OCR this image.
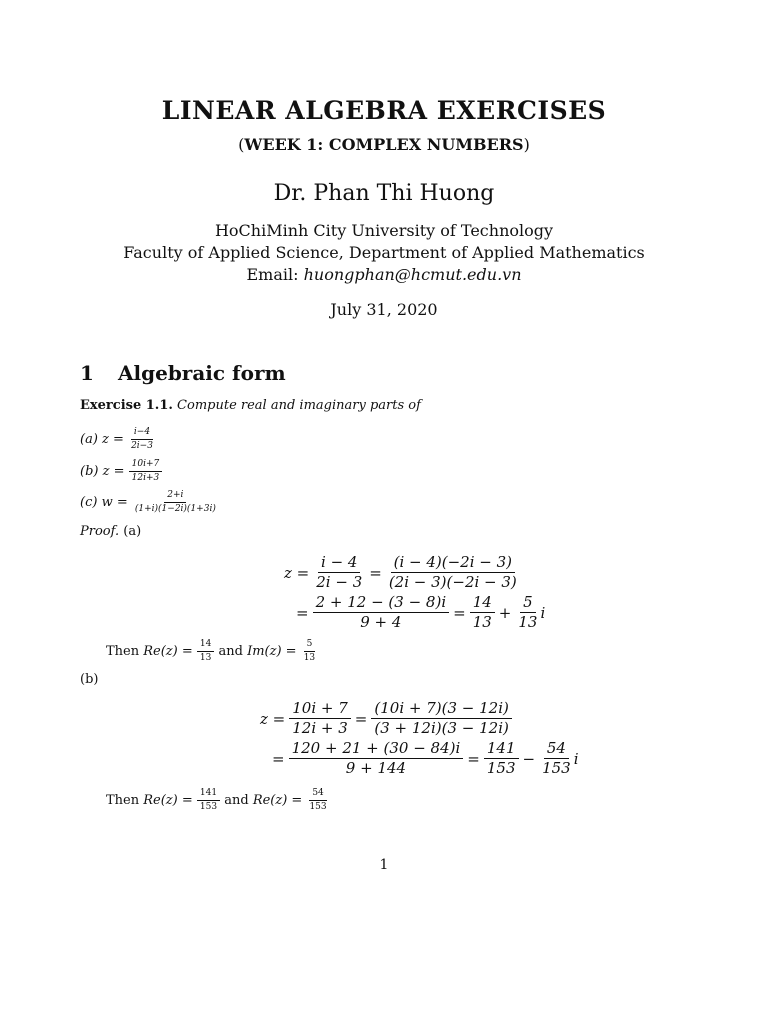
LINEAR ALGEBRA EXERCISES
(WEEK 1: COMPLEX NUMBERS)
Dr. Phan Thi Huong
HoChiMinh City University of Technology
Faculty of Applied Science, Department of Applied Mathematics
Email: huongphan@hcmut.edu.vn
July 31, 2020
1 Algebraic form
Exercise 1.1. Compute real and imaginary parts of
(a)
z =
$\frac{i-4}{2i-3}$
(b)
z =
$\frac{10i+7}{12i+3}$
(c)
w =
$\frac{2+i}{(1+i)(1-2i)(1+3i)}$
Proof. (a)
$z = \frac{i - 4}{2i - 3} = \frac{(i - 4)(-2i - 3)}{(2i - 3)(-2i - 3)}$
= $\frac{2 + 12 - (3 - 8)i}{9 + 4} = \frac{14}{13} + \frac{5}{13}$ i
Then
Re(z) =
$\frac{14}{13}$
and
Im(z) =
$\frac{5}{13}$
(b)
$z = \frac{10i + 7}{12i + 3} = \frac{(10i + 7)(3 - 12i)}{(3 + 12i)(3 - 12i)}$
= $\frac{120 + 21 + (30 - 84)i}{9 + 144} = \frac{141}{153} - \frac{54}{153}$ i
Then
Re(z) =
$\frac{141}{153}$
and
Re(z) =
$\frac{54}{153}$
1
